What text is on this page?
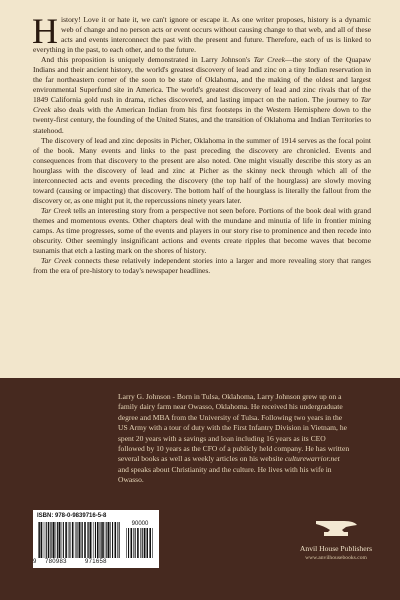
History! Love it or hate it, we can't ignore or escape it. As one writer proposes, history is a dynamic web of change and no person acts or event occurs without causing change to that web, and all of these acts and events interconnect the past with the present and future. Therefore, each of us is linked to everything in the past, to each other, and to the future.

And this proposition is uniquely demonstrated in Larry Johnson's Tar Creek—the story of the Quapaw Indians and their ancient history, the world's greatest discovery of lead and zinc on a tiny Indian reservation in the far northeastern corner of the soon to be state of Oklahoma, and the making of the oldest and largest environmental Superfund site in America. The world's greatest discovery of lead and zinc rivals that of the 1849 California gold rush in drama, riches discovered, and lasting impact on the nation. The journey to Tar Creek also deals with the American Indian from his first footsteps in the Western Hemisphere down to the twenty-first century, the founding of the United States, and the transition of Oklahoma and Indian Territories to statehood.

The discovery of lead and zinc deposits in Picher, Oklahoma in the summer of 1914 serves as the focal point of the book. Many events and links to the past preceding the discovery are chronicled. Events and consequences from that discovery to the present are also noted. One might visually describe this story as an hourglass with the discovery of lead and zinc at Picher as the skinny neck through which all of the interconnected acts and events preceding the discovery (the top half of the hourglass) are slowly moving toward (causing or impacting) that discovery. The bottom half of the hourglass is literally the fallout from the discovery or, as one might put it, the repercussions ninety years later.

Tar Creek tells an interesting story from a perspective not seen before. Portions of the book deal with grand themes and momentous events. Other chapters deal with the mundane and minutia of life in frontier mining camps. As time progresses, some of the events and players in our story rise to prominence and then recede into obscurity. Other seemingly insignificant actions and events create ripples that become waves that become tsunamis that etch a lasting mark on the shores of history.

Tar Creek connects these relatively independent stories into a larger and more revealing story that ranges from the era of pre-history to today's newspaper headlines.

Larry G. Johnson - Born in Tulsa, Oklahoma, Larry Johnson grew up on a family dairy farm near Owasso, Oklahoma. He received his undergraduate degree and MBA from the University of Tulsa. Following two years in the US Army with a tour of duty with the First Infantry Division in Vietnam, he spent 20 years with a savings and loan including 16 years as its CEO followed by 10 years as the CFO of a publicly held company. He has written several books as well as weekly articles on his website culturewarrior.net and speaks about Christianity and the culture. He lives with his wife in Owasso.
ISBN: 978-0-9839716-5-8
90000
9 780983	971658
Anvil House Publishers
www.anvilhousebooks.com
